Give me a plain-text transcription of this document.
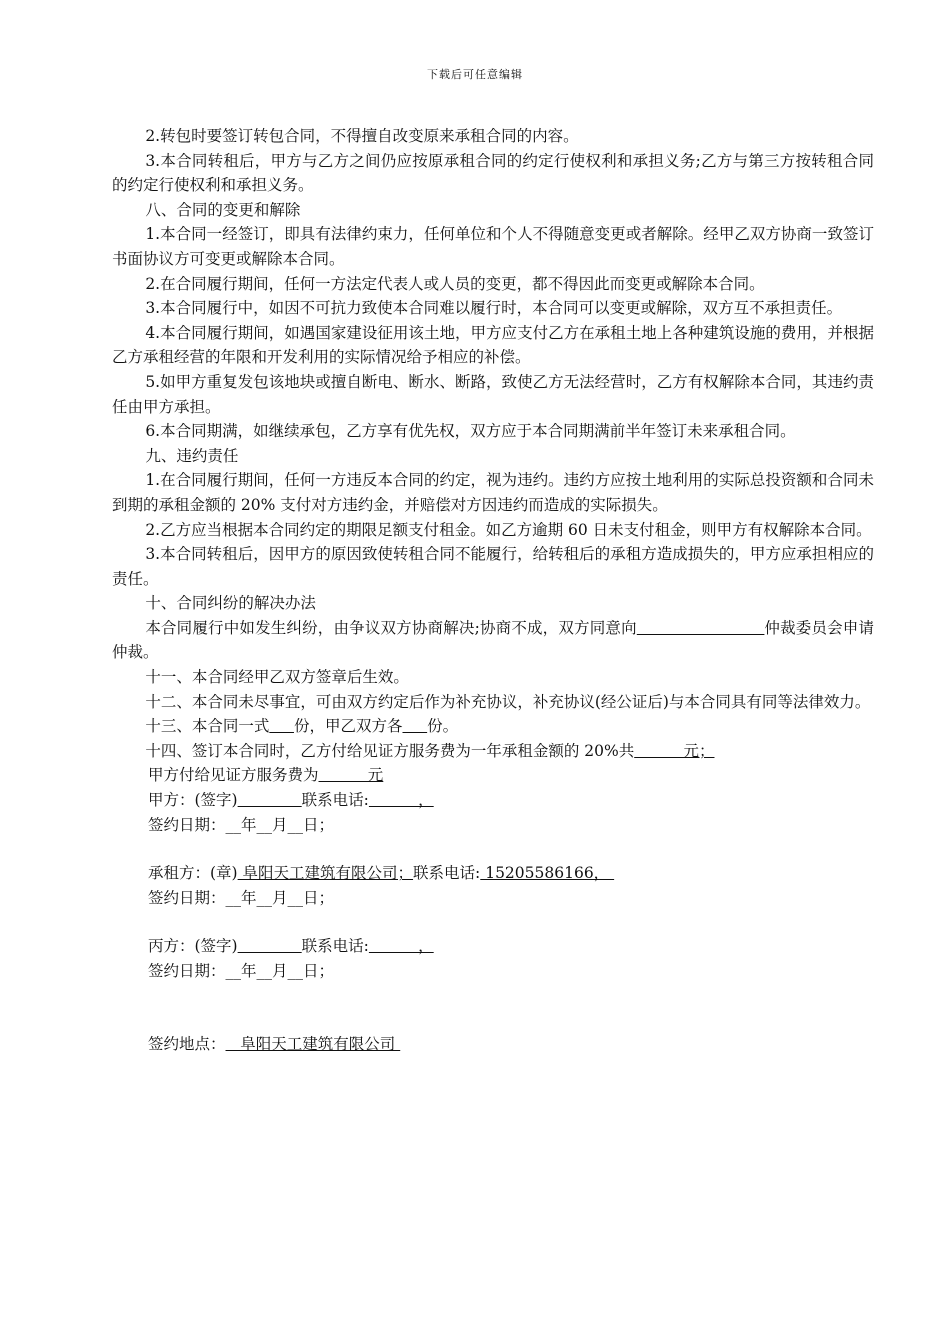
下载后可任意编辑

2.转包时要签订转包合同，不得擅自改变原来承租合同的内容。

3.本合同转租后，甲方与乙方之间仍应按原承租合同的约定行使权利和承担义务;乙方与第三方按转租合同的约定行使权利和承担义务。

八、合同的变更和解除

1.本合同一经签订，即具有法律约束力，任何单位和个人不得随意变更或者解除。经甲乙双方协商一致签订书面协议方可变更或解除本合同。

2.在合同履行期间，任何一方法定代表人或人员的变更，都不得因此而变更或解除本合同。

3.本合同履行中，如因不可抗力致使本合同难以履行时，本合同可以变更或解除，双方互不承担责任。

4.本合同履行期间，如遇国家建设征用该土地，甲方应支付乙方在承租土地上各种建筑设施的费用，并根据乙方承租经营的年限和开发利用的实际情况给予相应的补偿。

5.如甲方重复发包该地块或擅自断电、断水、断路，致使乙方无法经营时，乙方有权解除本合同，其违约责任由甲方承担。

6.本合同期满，如继续承包，乙方享有优先权，双方应于本合同期满前半年签订未来承租合同。

九、违约责任

1.在合同履行期间，任何一方违反本合同的约定，视为违约。违约方应按土地利用的实际总投资额和合同未到期的承租金额的 20% 支付对方违约金，并赔偿对方因违约而造成的实际损失。

2.乙方应当根据本合同约定的期限足额支付租金。如乙方逾期 60 日未支付租金，则甲方有权解除本合同。

3.本合同转租后，因甲方的原因致使转租合同不能履行，给转租后的承租方造成损失的，甲方应承担相应的责任。

十、合同纠纷的解决办法

本合同履行中如发生纠纷，由争议双方协商解决;协商不成，双方同意向	仲裁委员会申请仲裁。

十一、本合同经甲乙双方签章后生效。

十二、本合同未尽事宜，可由双方约定后作为补充协议，补充协议(经公证后)与本合同具有同等法律效力。

十三、本合同一式 份，甲乙双方各 份。

十四、签订本合同时，乙方付给见证方服务费为一年承租金额的 20%共          元；

甲方付给见证方服务费为          元

甲方：(签字)	联系电话:          ，

签约日期：__年__月__日；

承租方：(章) 阜阳天工建筑有限公司；联系电话: 15205586166，

签约日期：__年__月__日；

丙方：(签字)	联系电话:          ，

签约日期：__年__月__日；

签约地点：   阜阳天工建筑有限公司
